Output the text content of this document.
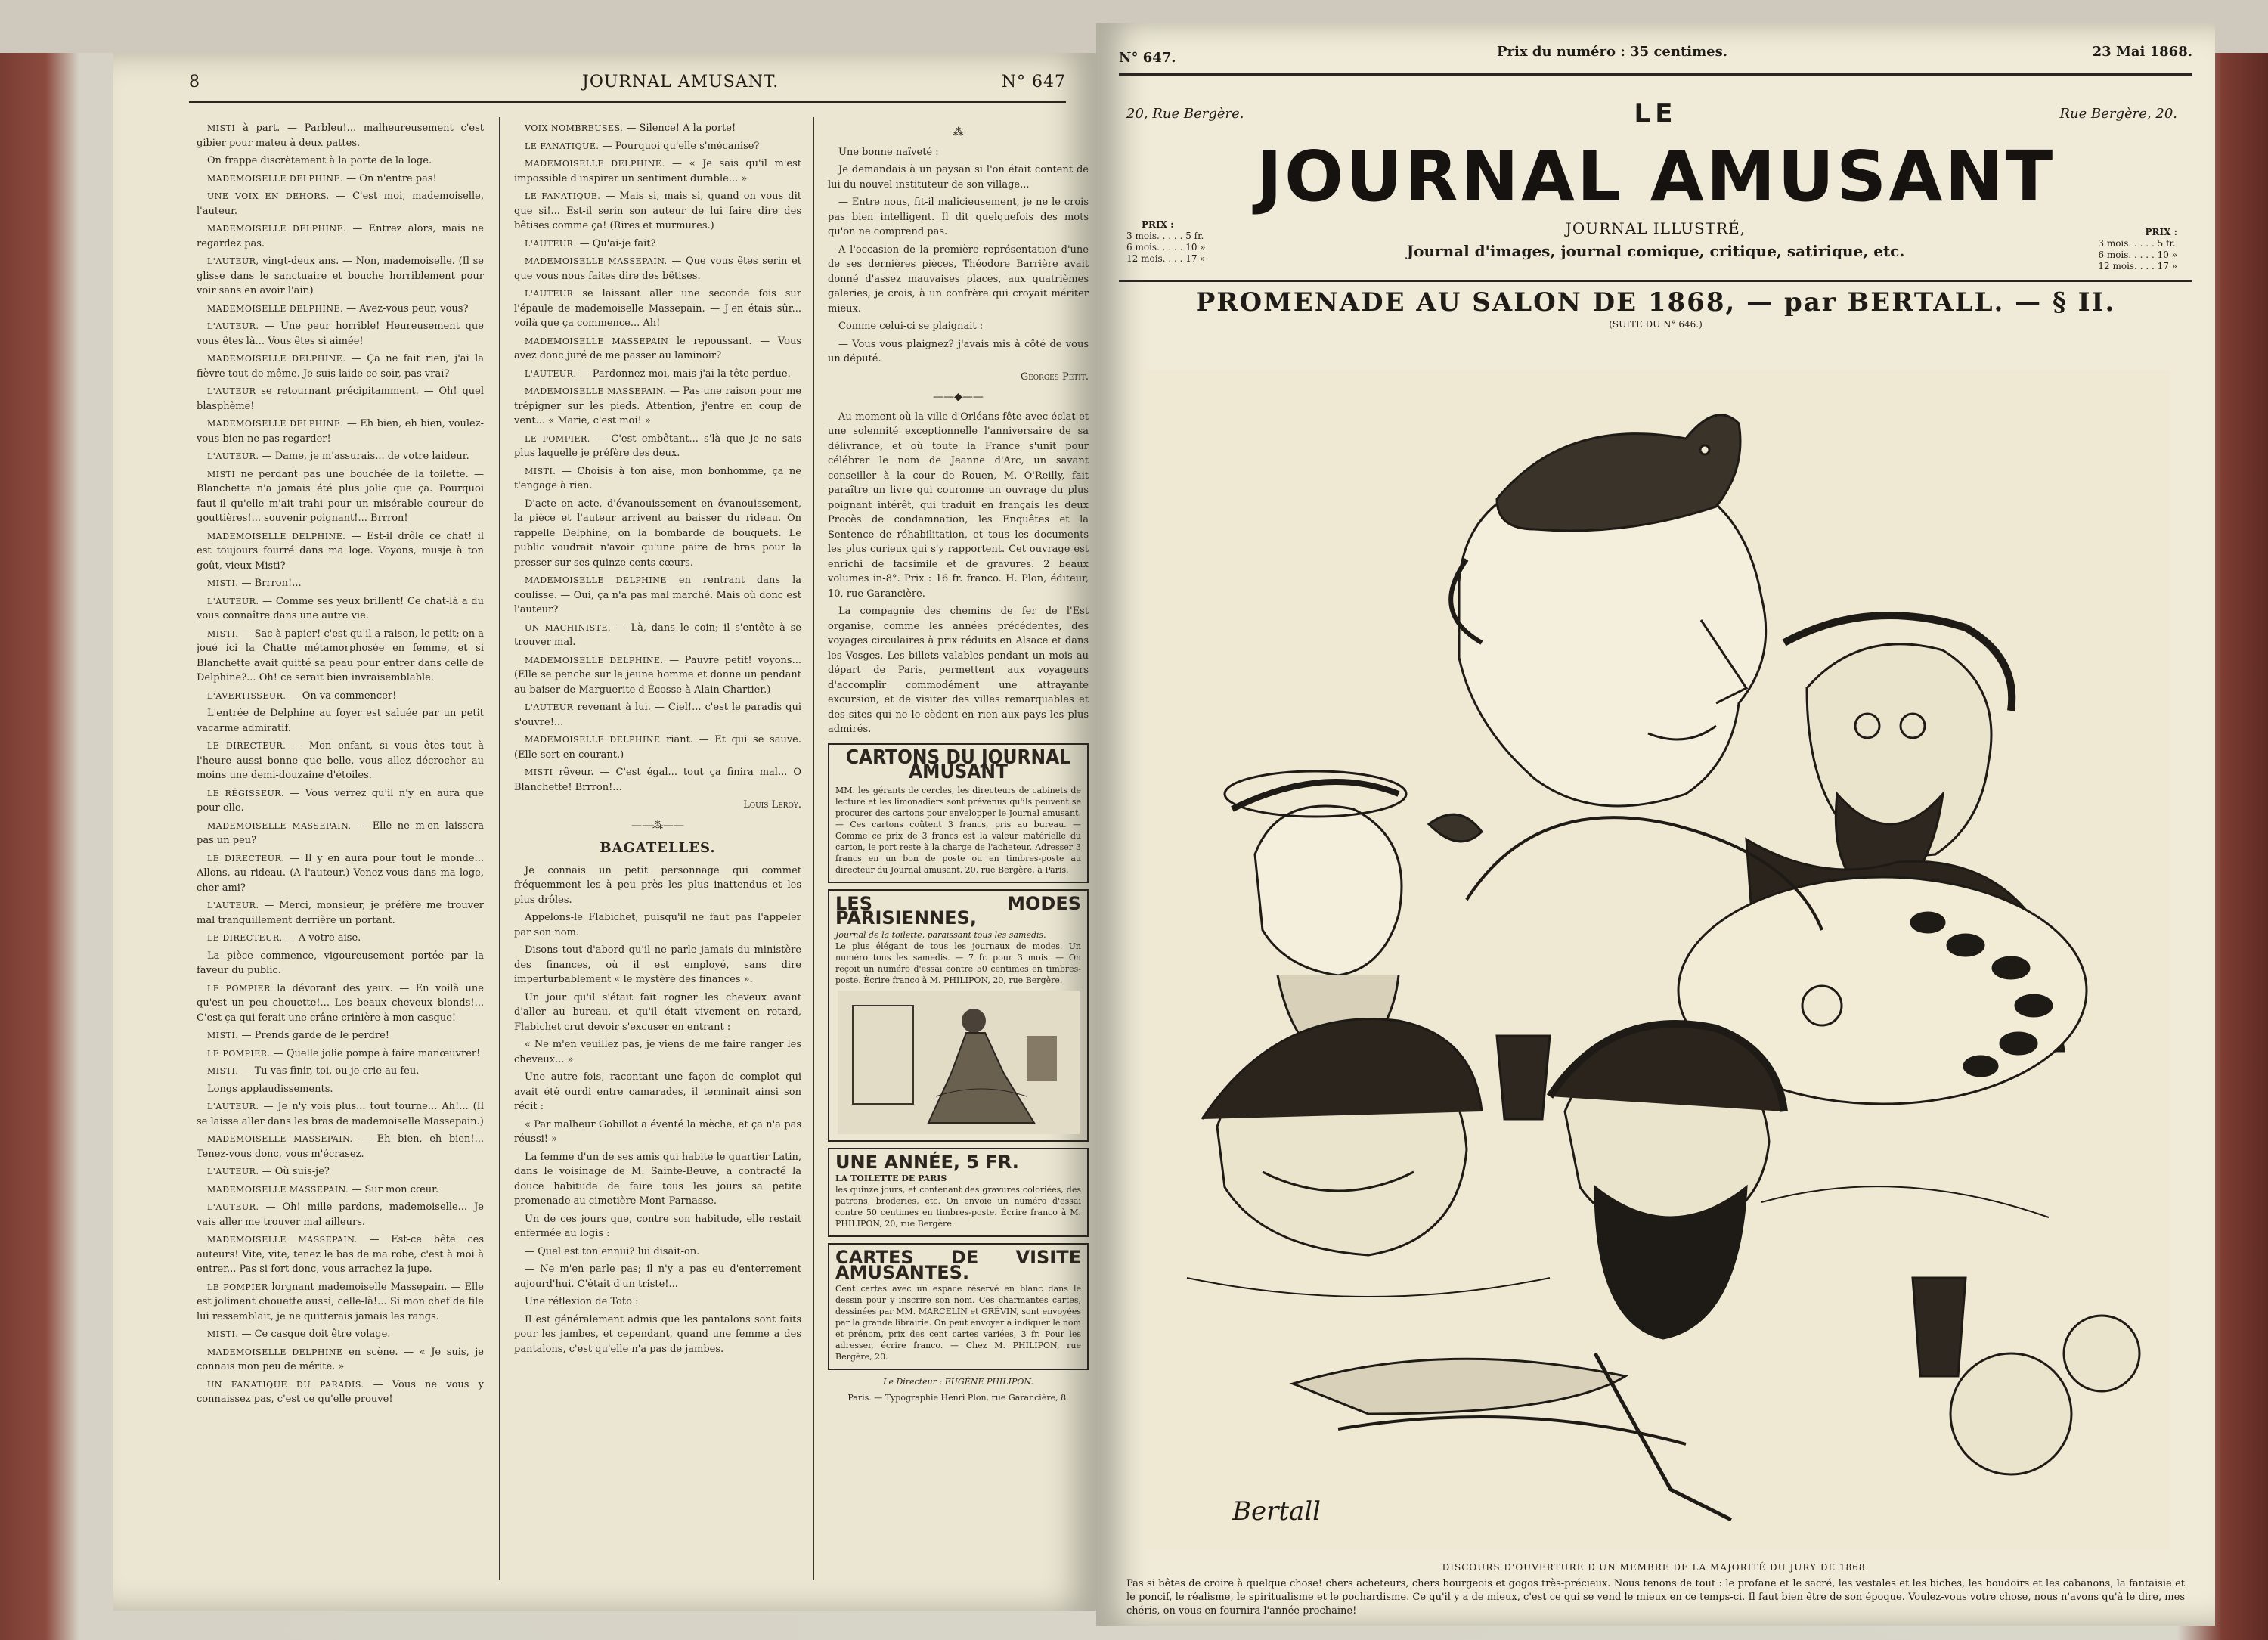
8	JOURNAL AMUSANT.	N° 647

MISTI à part. — Parbleu!... malheureusement c'est gibier pour mateu à deux pattes.

On frappe discrètement à la porte de la loge.

MADEMOISELLE DELPHINE. — On n'entre pas!

UNE VOIX EN DEHORS. — C'est moi, mademoiselle, l'auteur.

MADEMOISELLE DELPHINE. — Entrez alors, mais ne regardez pas.

L'AUTEUR, vingt-deux ans. — Non, mademoiselle. (Il se glisse dans le sanctuaire et bouche horriblement pour voir sans en avoir l'air.)

MADEMOISELLE DELPHINE. — Avez-vous peur, vous?

L'AUTEUR. — Une peur horrible! Heureusement que vous êtes là... Vous êtes si aimée!

MADEMOISELLE DELPHINE. — Ça ne fait rien, j'ai la fièvre tout de même. Je suis laide ce soir, pas vrai?

L'AUTEUR se retournant précipitamment. — Oh! quel blasphème!

MADEMOISELLE DELPHINE. — Eh bien, eh bien, voulez-vous bien ne pas regarder!

L'AUTEUR. — Dame, je m'assurais... de votre laideur.

MISTI ne perdant pas une bouchée de la toilette. — Blanchette n'a jamais été plus jolie que ça. Pourquoi faut-il qu'elle m'ait trahi pour un misérable coureur de gouttières!... souvenir poignant!... Brrron!

MADEMOISELLE DELPHINE. — Est-il drôle ce chat! il est toujours fourré dans ma loge. Voyons, musje à ton goût, vieux Misti?

MISTI. — Brrron!...

L'AUTEUR. — Comme ses yeux brillent! Ce chat-là a du vous connaître dans une autre vie.

MISTI. — Sac à papier! c'est qu'il a raison, le petit; on a joué ici la Chatte métamorphosée en femme, et si Blanchette avait quitté sa peau pour entrer dans celle de Delphine?... Oh! ce serait bien invraisemblable.

L'AVERTISSEUR. — On va commencer!

L'entrée de Delphine au foyer est saluée par un petit vacarme admiratif.

LE DIRECTEUR. — Mon enfant, si vous êtes tout à l'heure aussi bonne que belle, vous allez décrocher au moins une demi-douzaine d'étoiles.

LE RÉGISSEUR. — Vous verrez qu'il n'y en aura que pour elle.

MADEMOISELLE MASSEPAIN. — Elle ne m'en laissera pas un peu?

LE DIRECTEUR. — Il y en aura pour tout le monde... Allons, au rideau. (A l'auteur.) Venez-vous dans ma loge, cher ami?

L'AUTEUR. — Merci, monsieur, je préfère me trouver mal tranquillement derrière un portant.

LE DIRECTEUR. — A votre aise.

La pièce commence, vigoureusement portée par la faveur du public.

LE POMPIER la dévorant des yeux. — En voilà une qu'est un peu chouette!... Les beaux cheveux blonds!... C'est ça qui ferait une crâne crinière à mon casque!

MISTI. — Prends garde de le perdre!

LE POMPIER. — Quelle jolie pompe à faire manœuvrer!

MISTI. — Tu vas finir, toi, ou je crie au feu.

Longs applaudissements.

L'AUTEUR. — Je n'y vois plus... tout tourne... Ah!... (Il se laisse aller dans les bras de mademoiselle Massepain.)

MADEMOISELLE MASSEPAIN. — Eh bien, eh bien!... Tenez-vous donc, vous m'écrasez.

L'AUTEUR. — Où suis-je?

MADEMOISELLE MASSEPAIN. — Sur mon cœur.

L'AUTEUR. — Oh! mille pardons, mademoiselle... Je vais aller me trouver mal ailleurs.

MADEMOISELLE MASSEPAIN. — Est-ce bête ces auteurs! Vite, vite, tenez le bas de ma robe, c'est à moi à entrer... Pas si fort donc, vous arrachez la jupe.

LE POMPIER lorgnant mademoiselle Massepain. — Elle est joliment chouette aussi, celle-là!... Si mon chef de file lui ressemblait, je ne quitterais jamais les rangs.

MISTI. — Ce casque doit être volage.

MADEMOISELLE DELPHINE en scène. — « Je suis, je connais mon peu de mérite. »

UN FANATIQUE DU PARADIS. — Vous ne vous y connaissez pas, c'est ce qu'elle prouve!

VOIX NOMBREUSES. — Silence! A la porte!

LE FANATIQUE. — Pourquoi qu'elle s'mécanise?

MADEMOISELLE DELPHINE. — « Je sais qu'il m'est impossible d'inspirer un sentiment durable... »

LE FANATIQUE. — Mais si, mais si, quand on vous dit que si!... Est-il serin son auteur de lui faire dire des bêtises comme ça! (Rires et murmures.)

L'AUTEUR. — Qu'ai-je fait?

MADEMOISELLE MASSEPAIN. — Que vous êtes serin et que vous nous faites dire des bêtises.

L'AUTEUR se laissant aller une seconde fois sur l'épaule de mademoiselle Massepain. — J'en étais sûr... voilà que ça commence... Ah!

MADEMOISELLE MASSEPAIN le repoussant. — Vous avez donc juré de me passer au laminoir?

L'AUTEUR. — Pardonnez-moi, mais j'ai la tête perdue.

MADEMOISELLE MASSEPAIN. — Pas une raison pour me trépigner sur les pieds. Attention, j'entre en coup de vent... « Marie, c'est moi! »

LE POMPIER. — C'est embêtant... s'là que je ne sais plus laquelle je préfère des deux.

MISTI. — Choisis à ton aise, mon bonhomme, ça ne t'engage à rien.

D'acte en acte, d'évanouissement en évanouissement, la pièce et l'auteur arrivent au baisser du rideau. On rappelle Delphine, on la bombarde de bouquets. Le public voudrait n'avoir qu'une paire de bras pour la presser sur ses quinze cents cœurs.

MADEMOISELLE DELPHINE en rentrant dans la coulisse. — Oui, ça n'a pas mal marché. Mais où donc est l'auteur?

UN MACHINISTE. — Là, dans le coin; il s'entête à se trouver mal.

MADEMOISELLE DELPHINE. — Pauvre petit! voyons... (Elle se penche sur le jeune homme et donne un pendant au baiser de Marguerite d'Écosse à Alain Chartier.)

L'AUTEUR revenant à lui. — Ciel!... c'est le paradis qui s'ouvre!...

MADEMOISELLE DELPHINE riant. — Et qui se sauve. (Elle sort en courant.)

MISTI rêveur. — C'est égal... tout ça finira mal... O Blanchette! Brrron!...

Louis Leroy.
——⁂——
BAGATELLES.

Je connais un petit personnage qui commet fréquemment les à peu près les plus inattendus et les plus drôles.

Appelons-le Flabichet, puisqu'il ne faut pas l'appeler par son nom.

Disons tout d'abord qu'il ne parle jamais du ministère des finances, où il est employé, sans dire imperturbablement « le mystère des finances ».

Un jour qu'il s'était fait rogner les cheveux avant d'aller au bureau, et qu'il était vivement en retard, Flabichet crut devoir s'excuser en entrant :

« Ne m'en veuillez pas, je viens de me faire ranger les cheveux... »

Une autre fois, racontant une façon de complot qui avait été ourdi entre camarades, il terminait ainsi son récit :

« Par malheur Gobillot a éventé la mèche, et ça n'a pas réussi! »

La femme d'un de ses amis qui habite le quartier Latin, dans le voisinage de M. Sainte-Beuve, a contracté la douce habitude de faire tous les jours sa petite promenade au cimetière Mont-Parnasse.

Un de ces jours que, contre son habitude, elle restait enfermée au logis :

— Quel est ton ennui? lui disait-on.

— Ne m'en parle pas; il n'y a pas eu d'enterrement aujourd'hui. C'était d'un triste!...

Une réflexion de Toto :

Il est généralement admis que les pantalons sont faits pour les jambes, et cependant, quand une femme a des pantalons, c'est qu'elle n'a pas de jambes.

⁂

Une bonne naïveté :

Je demandais à un paysan si l'on était content de lui du nouvel instituteur de son village...

— Entre nous, fit-il malicieusement, je ne le crois pas bien intelligent. Il dit quelquefois des mots qu'on ne comprend pas.

A l'occasion de la première représentation d'une de ses dernières pièces, Théodore Barrière avait donné d'assez mauvaises places, aux quatrièmes galeries, je crois, à un confrère qui croyait mériter mieux.

Comme celui-ci se plaignait :

— Vous vous plaignez? j'avais mis à côté de vous un député.

Georges Petit.
——◆——

Au moment où la ville d'Orléans fête avec éclat et une solennité exceptionnelle l'anniversaire de sa délivrance, et où toute la France s'unit pour célébrer le nom de Jeanne d'Arc, un savant conseiller à la cour de Rouen, M. O'Reilly, fait paraître un livre qui couronne un ouvrage du plus poignant intérêt, qui traduit en français les deux Procès de condamnation, les Enquêtes et la Sentence de réhabilitation, et tous les documents les plus curieux qui s'y rapportent. Cet ouvrage est enrichi de facsimile et de gravures. 2 beaux volumes in-8°. Prix : 16 fr. franco. H. Plon, éditeur, 10, rue Garancière.

La compagnie des chemins de fer de l'Est organise, comme les années précédentes, des voyages circulaires à prix réduits en Alsace et dans les Vosges. Les billets valables pendant un mois au départ de Paris, permettent aux voyageurs d'accomplir commodément une attrayante excursion, et de visiter des villes remarquables et des sites qui ne le cèdent en rien aux pays les plus admirés.

CARTONS DU JOURNAL AMUSANT
MM. les gérants de cercles, les directeurs de cabinets de lecture et les limonadiers sont prévenus qu'ils peuvent se procurer des cartons pour envelopper le Journal amusant. — Ces cartons coûtent 3 francs, pris au bureau. — Comme ce prix de 3 francs est la valeur matérielle du carton, le port reste à la charge de l'acheteur. Adresser 3 francs en un bon de poste ou en timbres-poste au directeur du Journal amusant, 20, rue Bergère, à Paris.
LES MODES PARISIENNES,
Journal de la toilette, paraissant tous les samedis.
Le plus élégant de tous les journaux de modes. Un numéro tous les samedis. — 7 fr. pour 3 mois. — On reçoit un numéro d'essai contre 50 centimes en timbres-poste. Écrire franco à M. PHILIPON, 20, rue Bergère.
UNE ANNÉE, 5 FR.
LA TOILETTE DE PARIS
les quinze jours, et contenant des gravures coloriées, des patrons, broderies, etc. On envoie un numéro d'essai contre 50 centimes en timbres-poste. Écrire franco à M. PHILIPON, 20, rue Bergère.
CARTES DE VISITE AMUSANTES.
Cent cartes avec un espace réservé en blanc dans le dessin pour y inscrire son nom. Ces charmantes cartes, dessinées par MM. MARCELIN et GRÉVIN, sont envoyées par la grande librairie. On peut envoyer à indiquer le nom et prénom, prix des cent cartes variées, 3 fr. Pour les adresser, écrire franco. — Chez M. PHILIPON, rue Bergère, 20.
Le Directeur : EUGÈNE PHILIPON.
Paris. — Typographie Henri Plon, rue Garancière, 8.
N° 647.	Prix du numéro : 35 centimes.	23 Mai 1868.
20, Rue Bergère.	Rue Bergère, 20.
LE
JOURNAL AMUSANT
JOURNAL ILLUSTRÉ,
Journal d'images, journal comique, critique, satirique, etc.
PRIX :
3 mois. . . . . 5 fr.
6 mois. . . . . 10 »
12 mois. . . . 17 »
PRIX :
3 mois. . . . . 5 fr.
6 mois. . . . . 10 »
12 mois. . . . 17 »
PROMENADE AU SALON DE 1868, — par BERTALL. — § II.
(SUITE DU N° 646.)
Bertall
DISCOURS D'OUVERTURE D'UN MEMBRE DE LA MAJORITÉ DU JURY DE 1868.
Pas si bêtes de croire à quelque chose! chers acheteurs, chers bourgeois et gogos très-précieux. Nous tenons de tout : le profane et le sacré, les vestales et les biches, les boudoirs et les cabanons, la fantaisie et le poncif, le réalisme, le spiritualisme et le pochardisme. Ce qu'il y a de mieux, c'est ce qui se vend le mieux en ce temps-ci. Il faut bien être de son époque. Voulez-vous votre chose, nous n'avons qu'à le dire, mes chéris, on vous en fournira l'année prochaine!
